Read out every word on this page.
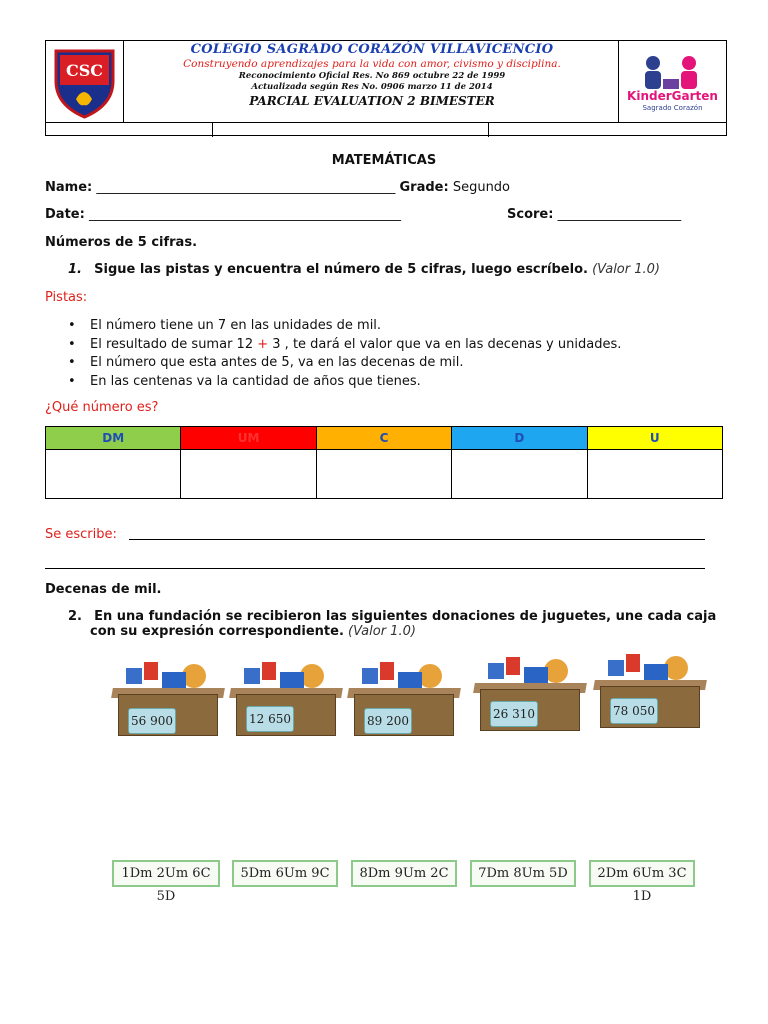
CSC
COLEGIO SAGRADO CORAZÓN VILLAVICENCIO
Construyendo aprendizajes para la vida con amor, civismo y disciplina.
Reconocimiento Oficial Res. No 869 octubre 22 de 1999
Actualizada según Res No. 0906 marzo 11 de 2014
PARCIAL EVALUATION 2 BIMESTER	KinderGarten
Sagrado Corazón
MATEMÁTICAS
Name: ______________________________________________ Grade: Segundo
Date: ________________________________________________	Score: ___________________
Números de 5 cifras.
1. Sigue las pistas y encuentra el número de 5 cifras, luego escríbelo. (Valor 1.0)
Pistas:
• El número tiene un 7 en las unidades de mil.
• El resultado de sumar 12 + 3 , te dará el valor que va en las decenas y unidades.
• El número que esta antes de 5, va en las decenas de mil.
• En las centenas va la cantidad de años que tienes.
¿Qué número es?
DM	UM	C	D	U

Se escribe:
Decenas de mil.
2. En una fundación se recibieron las siguientes donaciones de juguetes, une cada caja
con su expresión correspondiente. (Valor 1.0)
56 900	12 650	89 200	26 310	78 050
1Dm 2Um 6C 5D
5Dm 6Um 9C	8Dm 9Um 2C	7Dm 8Um 5D	2Dm 6Um 3C 1D
